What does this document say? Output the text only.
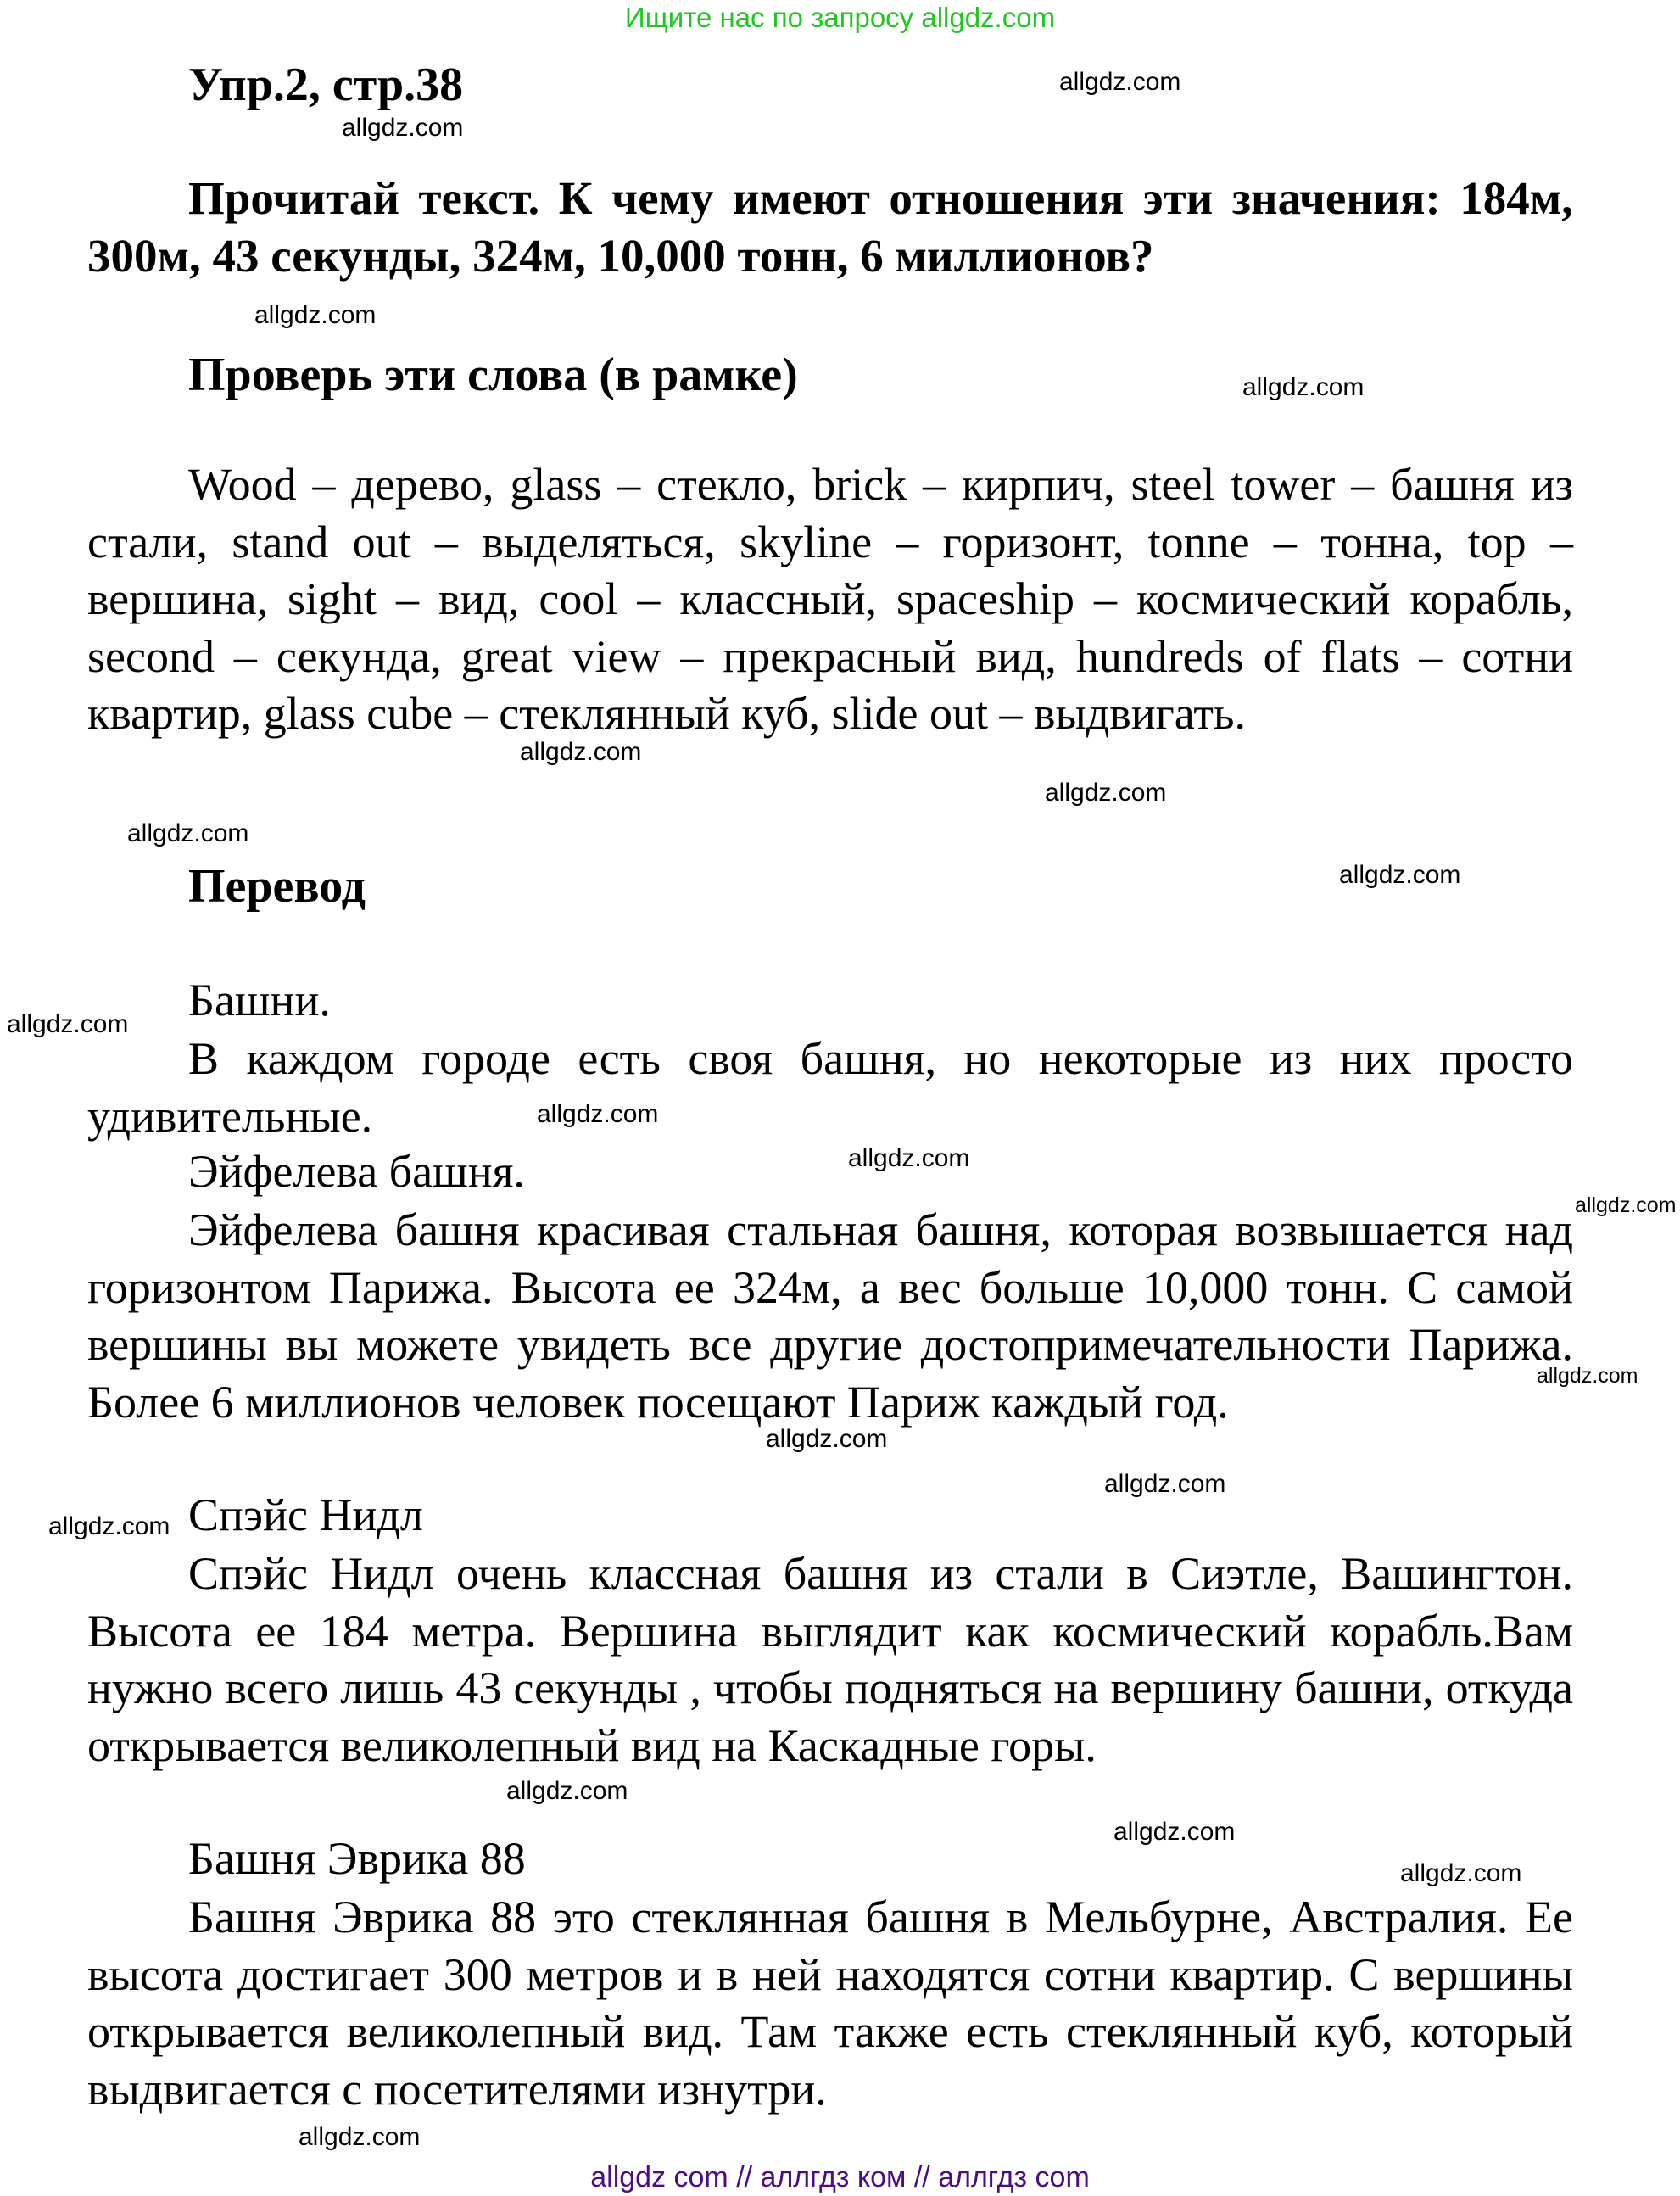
Ищите нас по запросу allgdz.com
Упр.2, стр.38
Прочитай текст. К чему имеют отношения эти значения: 184м, 300м, 43 секунды, 324м, 10,000 тонн, 6 миллионов?
Проверь эти слова (в рамке)
Wood – дерево, glass – стекло, brick – кирпич, steel tower – башня из стали, stand out – выделяться, skyline – горизонт, tonne – тонна, top – вершина, sight – вид, cool – классный, spaceship – космический корабль, second – секунда, great view – прекрасный вид, hundreds of flats – сотни квартир, glass cube – стеклянный куб, slide out – выдвигать.
Перевод
Башни.
В каждом городе есть своя башня, но некоторые из них просто удивительные.
Эйфелева башня.
Эйфелева башня красивая стальная башня, которая возвышается над горизонтом Парижа. Высота ее 324м, а вес больше 10,000 тонн. С самой вершины вы можете увидеть все другие достопримечательности Парижа. Более 6 миллионов человек посещают Париж каждый год.
Спэйс Нидл
Спэйс Нидл очень классная башня из стали в Сиэтле, Вашингтон. Высота ее 184 метра. Вершина выглядит как космический корабль.Вам нужно всего лишь 43 секунды , чтобы подняться на вершину башни, откуда открывается великолепный вид на Каскадные горы.
Башня Эврика 88
Башня Эврика 88 это стеклянная башня в Мельбурне, Австралия. Ее высота достигает 300 метров и в ней находятся сотни квартир. С вершины открывается великолепный вид. Там также есть стеклянный куб, который выдвигается с посетителями изнутри.
allgdz.com
allgdz.com
allgdz.com
allgdz.com
allgdz.com
allgdz.com
allgdz.com
allgdz.com
allgdz.com
allgdz.com
allgdz.com
allgdz.com
allgdz.com
allgdz.com
allgdz.com
allgdz.com
allgdz.com
allgdz.com
allgdz.com
allgdz.com
allgdz com // аллгдз ком // аллгдз com
